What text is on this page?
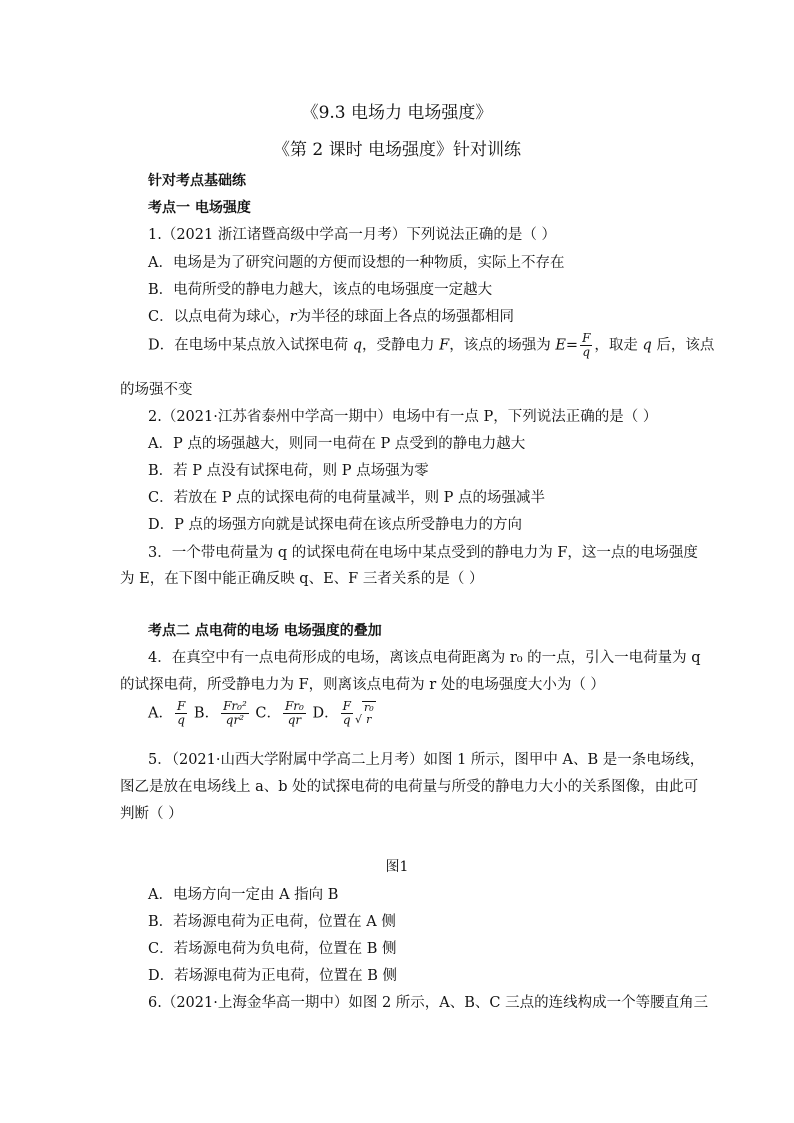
《9.3 电场力 电场强度》
《第 2 课时 电场强度》针对训练
针对考点基础练
考点一 电场强度
1.（2021 浙江诸暨高级中学高一月考）下列说法正确的是（ ）
A．电场是为了研究问题的方便而设想的一种物质，实际上不存在
B．电荷所受的静电力越大，该点的电场强度一定越大
C．以点电荷为球心，r为半径的球面上各点的场强都相同
D．在电场中某点放入试探电荷 q，受静电力 F，该点的场强为 $E= \frac{F}{q}$ ，取走 q 后，该点
的场强不变
2.（2021·江苏省泰州中学高一期中）电场中有一点 P，下列说法正确的是（ ）
A．P 点的场强越大，则同一电荷在 P 点受到的静电力越大
B．若 P 点没有试探电荷，则 P 点场强为零
C．若放在 P 点的试探电荷的电荷量减半，则 P 点的场强减半
D．P 点的场强方向就是试探电荷在该点所受静电力的方向
3．一个带电荷量为 q 的试探电荷在电场中某点受到的静电力为 F，这一点的电场强度
为 E，在下图中能正确反映 q、E、F 三者关系的是（ ）
考点二 点电荷的电场 电场强度的叠加
4．在真空中有一点电荷形成的电场，离该点电荷距离为 r₀ 的一点，引入一电荷量为 q
的试探电荷，所受静电力为 F，则离该点电荷为 r 处的电场强度大小为（ ）
A． $\frac{F}{q}$ B． $\frac{\text{Fr₀²}}{\text{qr²}}$ C． $\frac{\text{Fr₀}}{qr}$ D． $\frac{F}{q}$ √
r₀
r
5．（2021·山西大学附属中学高二上月考）如图 1 所示，图甲中 A、B 是一条电场线，
图乙是放在电场线上 a、b 处的试探电荷的电荷量与所受的静电力大小的关系图像，由此可
判断（ ）
图1
A．电场方向一定由 A 指向 B
B．若场源电荷为正电荷，位置在 A 侧
C．若场源电荷为负电荷，位置在 B 侧
D．若场源电荷为正电荷，位置在 B 侧
6.（2021·上海金华高一期中）如图 2 所示，A、B、C 三点的连线构成一个等腰直角三
